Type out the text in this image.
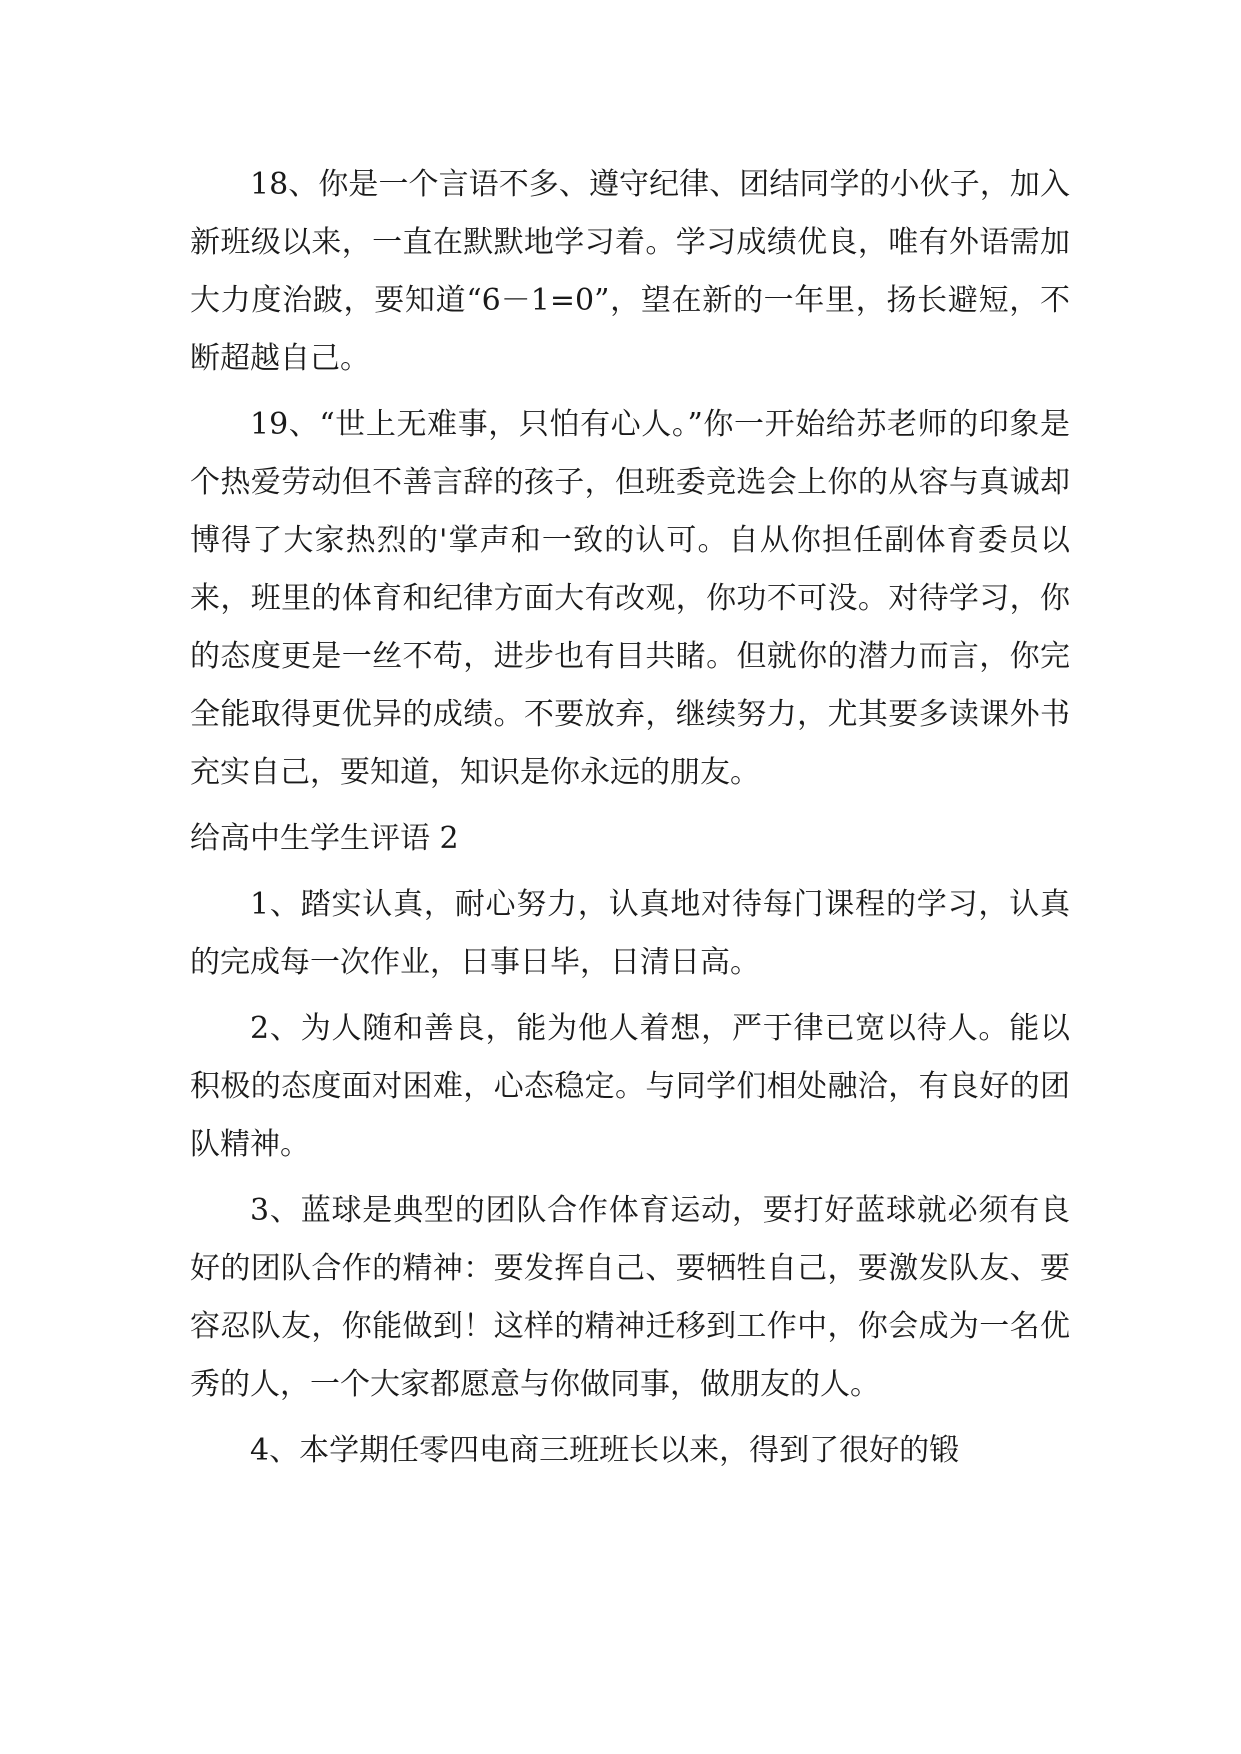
18、你是一个言语不多、遵守纪律、团结同学的小伙子，加入新班级以来，一直在默默地学习着。学习成绩优良，唯有外语需加大力度治跛，要知道“6－1=0”，望在新的一年里，扬长避短，不断超越自己。

19、“世上无难事，只怕有心人。”你一开始给苏老师的印象是个热爱劳动但不善言辞的孩子，但班委竞选会上你的从容与真诚却博得了大家热烈的'掌声和一致的认可。自从你担任副体育委员以来，班里的体育和纪律方面大有改观，你功不可没。对待学习，你的态度更是一丝不苟，进步也有目共睹。但就你的潜力而言，你完全能取得更优异的成绩。不要放弃，继续努力，尤其要多读课外书充实自己，要知道，知识是你永远的朋友。

给高中生学生评语 2

1、踏实认真，耐心努力，认真地对待每门课程的学习，认真的完成每一次作业，日事日毕，日清日高。

2、为人随和善良，能为他人着想，严于律已宽以待人。能以积极的态度面对困难，心态稳定。与同学们相处融洽，有良好的团队精神。

3、蓝球是典型的团队合作体育运动，要打好蓝球就必须有良好的团队合作的精神：要发挥自己、要牺牲自己，要激发队友、要容忍队友，你能做到！这样的精神迁移到工作中，你会成为一名优秀的人，一个大家都愿意与你做同事，做朋友的人。

4、本学期任零四电商三班班长以来，得到了很好的锻
